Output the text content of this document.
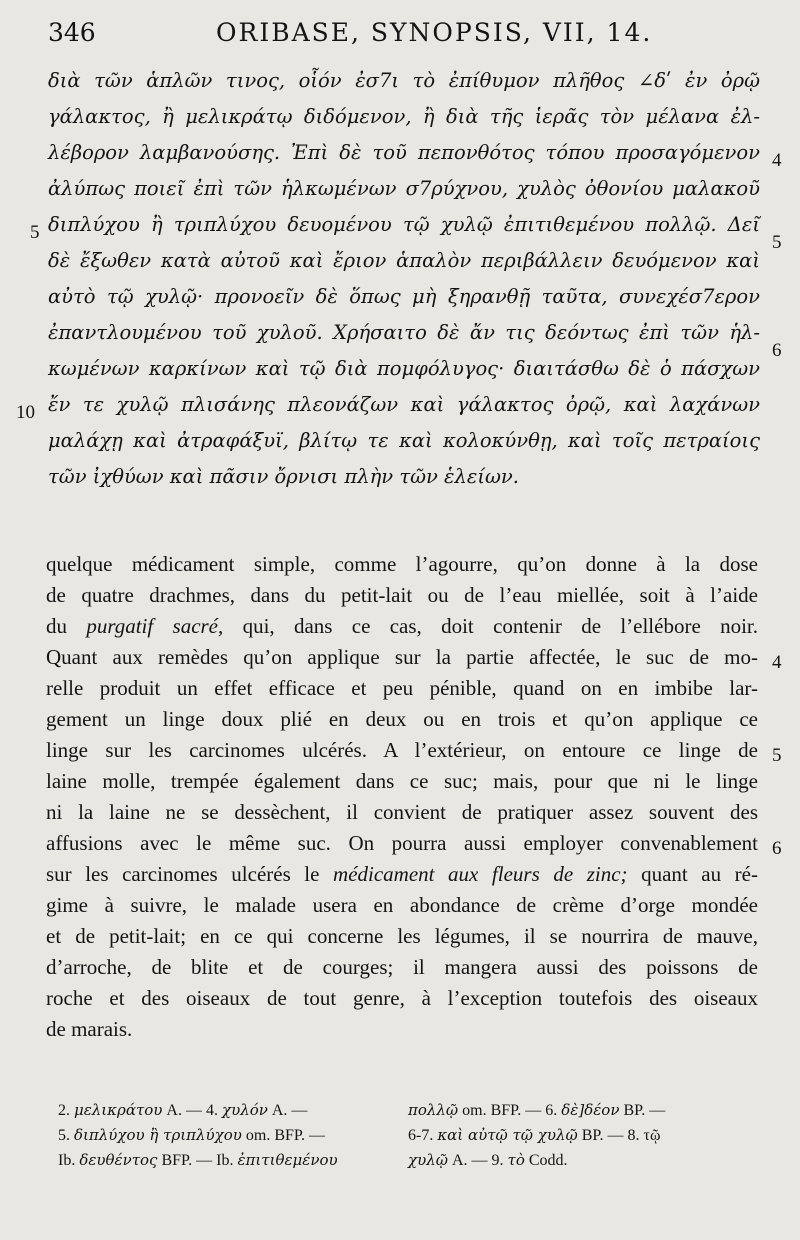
346	ORIBASE, SYNOPSIS, VII, 14.
διὰ τῶν ἁπλῶν τινος, οἷόν ἐσ7ι τὸ ἐπίθυμον πλῆθος ∠δʹ ἐν ὀρῷ
γάλακτος, ἢ μελικράτῳ διδόμενον, ἢ διὰ τῆς ἱερᾶς τὸν μέλανα ἐλ-
λέβορον λαμβανούσης. Ἐπὶ δὲ τοῦ πεπονθότος τόπου προσαγόμενον
ἀλύπως ποιεῖ ἐπὶ τῶν ἡλκωμένων σ7ρύχνου, χυλὸς ὀθονίου μαλακοῦ
διπλύχου ἢ τριπλύχου δευομένου τῷ χυλῷ ἐπιτιθεμένου πολλῷ. Δεῖ
δὲ ἔξωθεν κατὰ αὐτοῦ καὶ ἔριον ἁπαλὸν περιβάλλειν δευόμενον καὶ
αὐτὸ τῷ χυλῷ· προνοεῖν δὲ ὅπως μὴ ξηρανθῇ ταῦτα, συνεχέσ7ερον
ἐπαντλουμένου τοῦ χυλοῦ. Χρήσαιτο δὲ ἄν τις δεόντως ἐπὶ τῶν ἡλ-
κωμένων καρκίνων καὶ τῷ διὰ πομφόλυγος· διαιτάσθω δὲ ὁ πάσχων
ἔν τε χυλῷ πλισάνης πλεονάζων καὶ γάλακτος ὀρῷ, καὶ λαχάνων
μαλάχῃ καὶ ἀτραφάξυϊ, βλίτῳ τε καὶ κολοκύνθῃ, καὶ τοῖς πετραίοις
τῶν ἰχθύων καὶ πᾶσιν ὄρνισι πλὴν τῶν ἑλείων.
4
5
6
5
10
quelque médicament simple, comme l’agourre, qu’on donne à la dose
de quatre drachmes, dans du petit-lait ou de l’eau miellée, soit à l’aide
du purgatif sacré, qui, dans ce cas, doit contenir de l’ellébore noir.
Quant aux remèdes qu’on applique sur la partie affectée, le suc de mo-
relle produit un effet efficace et peu pénible, quand on en imbibe lar-
gement un linge doux plié en deux ou en trois et qu’on applique ce
linge sur les carcinomes ulcérés. A l’extérieur, on entoure ce linge de
laine molle, trempée également dans ce suc; mais, pour que ni le linge
ni la laine ne se dessèchent, il convient de pratiquer assez souvent des
affusions avec le même suc. On pourra aussi employer convenablement
sur les carcinomes ulcérés le médicament aux fleurs de zinc; quant au ré-
gime à suivre, le malade usera en abondance de crème d’orge mondée
et de petit-lait; en ce qui concerne les légumes, il se nourrira de mauve,
d’arroche, de blite et de courges; il mangera aussi des poissons de
roche et des oiseaux de tout genre, à l’exception toutefois des oiseaux
de marais.
4
5
6
2. μελικράτου A. — 4. χυλόν A. —
5. διπλύχου ἢ τριπλύχου om. BFP. —
Ib. δευθέντος BFP. — Ib. ἐπιτιθεμένου
πολλῷ om. BFP. — 6. δὲ]δέον BP. —
6-7. καὶ αὐτῷ τῷ χυλῷ BP. — 8. τῷ
χυλῷ A. — 9. τὸ Codd.
